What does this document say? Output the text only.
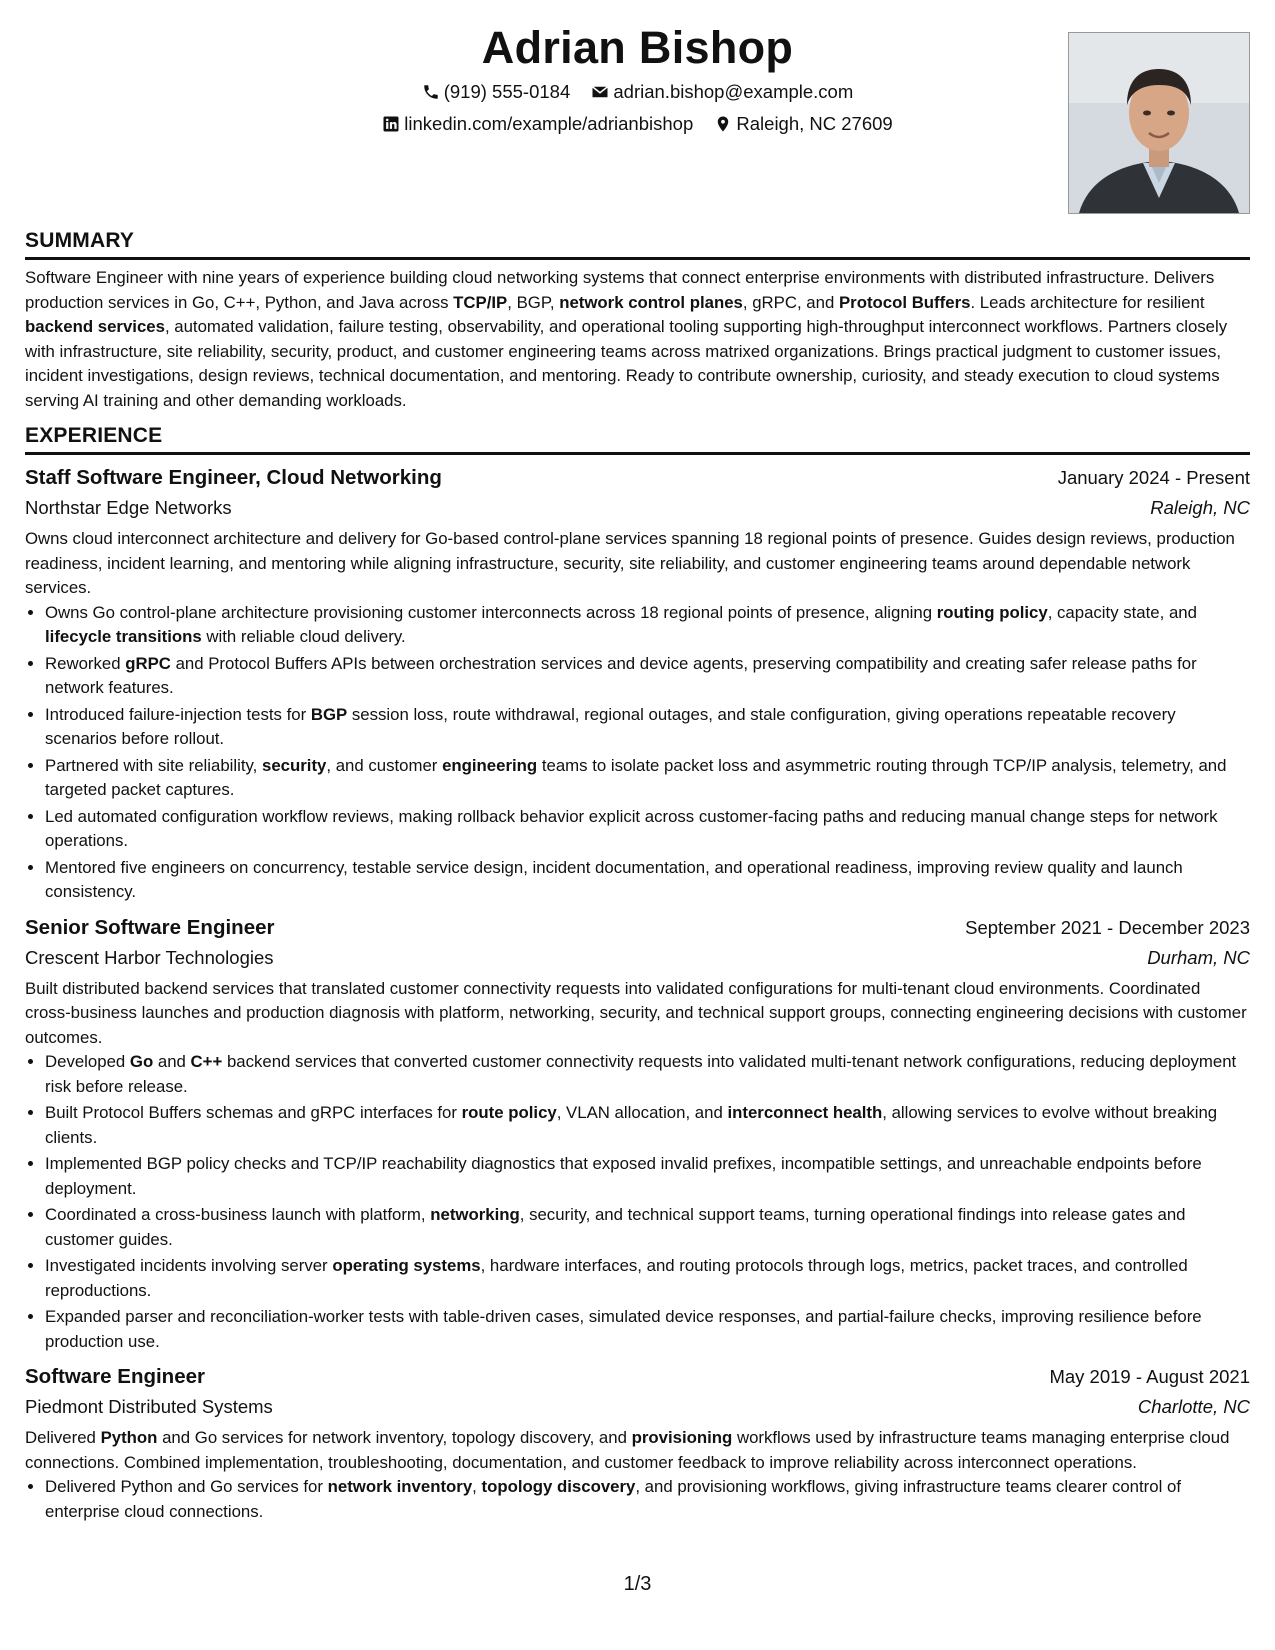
Adrian Bishop
(919) 555-0184
adrian.bishop@example.com
linkedin.com/example/adrianbishop
Raleigh, NC 27609
SUMMARY

Software Engineer with nine years of experience building cloud networking systems that connect enterprise environments with distributed infrastructure. Delivers production services in Go, C++, Python, and Java across TCP/IP, BGP, network control planes, gRPC, and Protocol Buffers. Leads architecture for resilient backend services, automated validation, failure testing, observability, and operational tooling supporting high-throughput interconnect workflows. Partners closely with infrastructure, site reliability, security, product, and customer engineering teams across matrixed organizations. Brings practical judgment to customer issues, incident investigations, design reviews, technical documentation, and mentoring. Ready to contribute ownership, curiosity, and steady execution to cloud systems serving AI training and other demanding workloads.

EXPERIENCE
Staff Software Engineer, Cloud Networking	January 2024 - Present
Northstar Edge Networks	Raleigh, NC

Owns cloud interconnect architecture and delivery for Go-based control-plane services spanning 18 regional points of presence. Guides design reviews, production readiness, incident learning, and mentoring while aligning infrastructure, security, site reliability, and customer engineering teams around dependable network services.

• Owns Go control-plane architecture provisioning customer interconnects across 18 regional points of presence, aligning routing policy, capacity state, and lifecycle transitions with reliable cloud delivery.
• Reworked gRPC and Protocol Buffers APIs between orchestration services and device agents, preserving compatibility and creating safer release paths for network features.
• Introduced failure-injection tests for BGP session loss, route withdrawal, regional outages, and stale configuration, giving operations repeatable recovery scenarios before rollout.
• Partnered with site reliability, security, and customer engineering teams to isolate packet loss and asymmetric routing through TCP/IP analysis, telemetry, and targeted packet captures.
• Led automated configuration workflow reviews, making rollback behavior explicit across customer-facing paths and reducing manual change steps for network operations.
• Mentored five engineers on concurrency, testable service design, incident documentation, and operational readiness, improving review quality and launch consistency.
Senior Software Engineer	September 2021 - December 2023
Crescent Harbor Technologies	Durham, NC

Built distributed backend services that translated customer connectivity requests into validated configurations for multi-tenant cloud environments. Coordinated cross-business launches and production diagnosis with platform, networking, security, and technical support groups, connecting engineering decisions with customer outcomes.

• Developed Go and C++ backend services that converted customer connectivity requests into validated multi-tenant network configurations, reducing deployment risk before release.
• Built Protocol Buffers schemas and gRPC interfaces for route policy, VLAN allocation, and interconnect health, allowing services to evolve without breaking clients.
• Implemented BGP policy checks and TCP/IP reachability diagnostics that exposed invalid prefixes, incompatible settings, and unreachable endpoints before deployment.
• Coordinated a cross-business launch with platform, networking, security, and technical support teams, turning operational findings into release gates and customer guides.
• Investigated incidents involving server operating systems, hardware interfaces, and routing protocols through logs, metrics, packet traces, and controlled reproductions.
• Expanded parser and reconciliation-worker tests with table-driven cases, simulated device responses, and partial-failure checks, improving resilience before production use.
Software Engineer	May 2019 - August 2021
Piedmont Distributed Systems	Charlotte, NC

Delivered Python and Go services for network inventory, topology discovery, and provisioning workflows used by infrastructure teams managing enterprise cloud connections. Combined implementation, troubleshooting, documentation, and customer feedback to improve reliability across interconnect operations.

• Delivered Python and Go services for network inventory, topology discovery, and provisioning workflows, giving infrastructure teams clearer control of enterprise cloud connections.
1/3
